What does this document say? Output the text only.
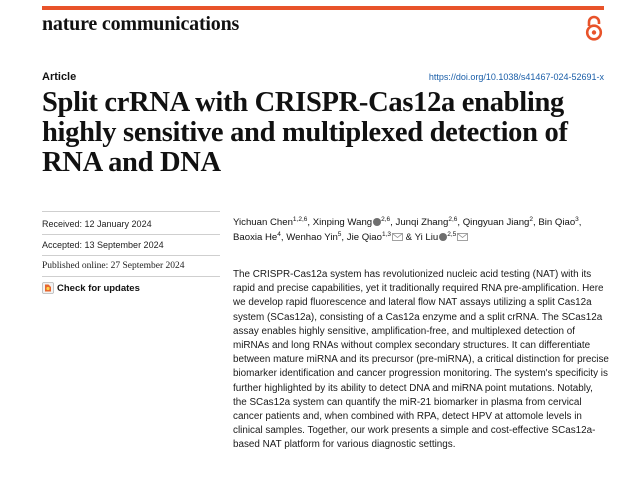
nature communications
Article	https://doi.org/10.1038/s41467-024-52691-x
Split crRNA with CRISPR-Cas12a enabling highly sensitive and multiplexed detection of RNA and DNA
Received: 12 January 2024
Accepted: 13 September 2024
Published online: 27 September 2024
Check for updates
Yichuan Chen$^{1,2,6}$, Xinping Wang $^{2,6}$, Junqi Zhang$^{2,6}$, Qingyuan Jiang$^2$, Bin Qiao$^3$, Baoxia He$^4$, Wenhao Yin$^5$, Jie Qiao$^{1,3}$ & Yi Liu $^{2,5}$

The CRISPR-Cas12a system has revolutionized nucleic acid testing (NAT) with its rapid and precise capabilities, yet it traditionally required RNA pre-amplification. Here we develop rapid fluorescence and lateral flow NAT assays utilizing a split Cas12a system (SCas12a), consisting of a Cas12a enzyme and a split crRNA. The SCas12a assay enables highly sensitive, amplification-free, and multiplexed detection of miRNAs and long RNAs without complex secondary structures. It can differentiate between mature miRNA and its precursor (pre-miRNA), a critical distinction for precise biomarker identification and cancer progression monitoring. The system's specificity is further highlighted by its ability to detect DNA and miRNA point mutations. Notably, the SCas12a system can quantify the miR-21 biomarker in plasma from cervical cancer patients and, when combined with RPA, detect HPV at attomole levels in clinical samples. Together, our work presents a simple and cost-effective SCas12a-based NAT platform for various diagnostic settings.
